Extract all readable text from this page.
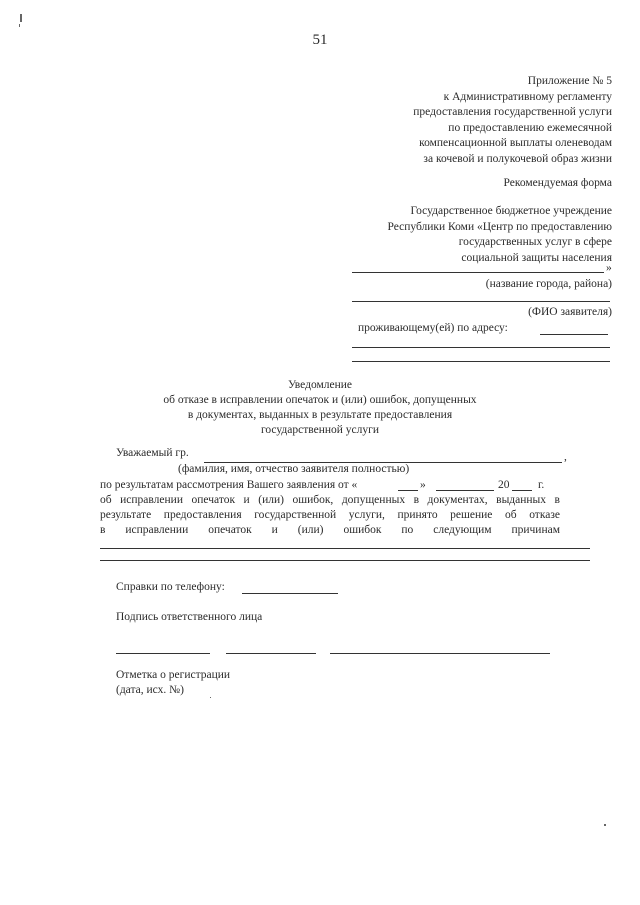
51
Приложение № 5
к Административному регламенту
предоставления государственной услуги
по предоставлению ежемесячной
компенсационной выплаты оленеводам
за кочевой и полукочевой образ жизни
Рекомендуемая форма
Государственное бюджетное учреждение
Республики Коми «Центр по предоставлению
государственных услуг в сфере
социальной защиты населения
»
(название города, района)
(ФИО заявителя)
проживающему(ей) по адресу:
Уведомление
об отказе в исправлении опечаток и (или) ошибок, допущенных
в документах, выданных в результате предоставления
государственной услуги
Уважаемый гр.	,
(фамилия, имя, отчество заявителя полностью)
по результатам рассмотрения Вашего заявления от «	»	20 г.
об исправлении опечаток и (или) ошибок, допущенных в документах, выданных в
результате предоставления государственной услуги, принято решение об отказе
в исправлении опечаток и (или) ошибок по следующим причинам
Справки по телефону:
Подпись ответственного лица
Отметка о регистрации
(дата, исх. №)
